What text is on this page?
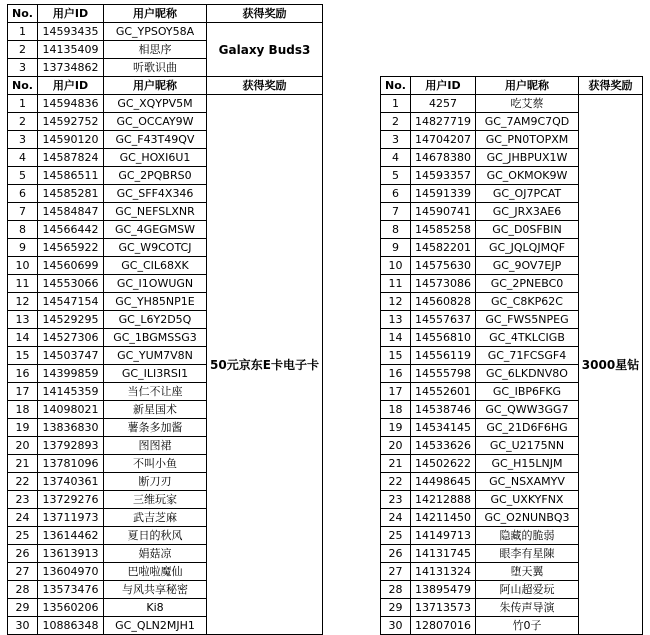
No.	用户ID	用户昵称	获得奖励
1	14593435	GC_YPSOY58A	Galaxy Buds3
2	14135409	相思序	
3	13734862	听歌识曲	
No.	用户ID	用户昵称	获得奖励
1	14594836	GC_XQYPV5M	50元京东E卡电子卡
2	14592752	GC_OCCAY9W	
3	14590120	GC_F43T49QV	
4	14587824	GC_HOXI6U1	
5	14586511	GC_2PQBRS0	
6	14585281	GC_SFF4X346	
7	14584847	GC_NEFSLXNR	
8	14566442	GC_4GEGMSW	
9	14565922	GC_W9COTCJ	
10	14560699	GC_CIL68XK	
11	14553066	GC_I1OWUGN	
12	14547154	GC_YH85NP1E	
13	14529295	GC_L6Y2D5Q	
14	14527306	GC_1BGMSSG3	
15	14503747	GC_YUM7V8N	
16	14399859	GC_ILI3RSI1	
17	14145359	当仁不让座	
18	14098021	新星国术	
19	13836830	薯条多加酱	
20	13792893	图图裙	
21	13781096	不叫小鱼	
22	13740361	断刀刃	
23	13729276	三维玩家	
24	13711973	武吉芝麻	
25	13614462	夏日的秋风	
26	13613913	娟菇凉	
27	13604970	巴啦啦魔仙	
28	13573476	与风共享秘密	
29	13560206	Ki8	
30	10886348	GC_QLN2MJH1	
No.	用户ID	用户昵称	获得奖励
1	4257	吃艾蔡	3000星钻
2	14827719	GC_7AM9C7QD	
3	14704207	GC_PN0TOPXM	
4	14678380	GC_JHBPUX1W	
5	14593357	GC_OKMOK9W	
6	14591339	GC_OJ7PCAT	
7	14590741	GC_JRX3AE6	
8	14585258	GC_D0SFBIN	
9	14582201	GC_JQLQJMQF	
10	14575630	GC_9OV7EJP	
11	14573086	GC_2PNEBC0	
12	14560828	GC_C8KP62C	
13	14557637	GC_FWS5NPEG	
14	14556810	GC_4TKLCIGB	
15	14556119	GC_71FCSGF4	
16	14555798	GC_6LKDNV8O	
17	14552601	GC_IBP6FKG	
18	14538746	GC_QWW3GG7	
19	14534145	GC_21D6F6HG	
20	14533626	GC_U2175NN	
21	14502622	GC_H15LNJM	
22	14498645	GC_NSXAMYV	
23	14212888	GC_UXKYFNX	
24	14211450	GC_O2NUNBQ3	
25	14149713	隐藏的脆弱	
26	14131745	眼李有星陳	
27	14131324	堕天翼	
28	13895479	阿山超爱玩	
29	13713573	朱传声导演	
30	12807016	竹0子	
